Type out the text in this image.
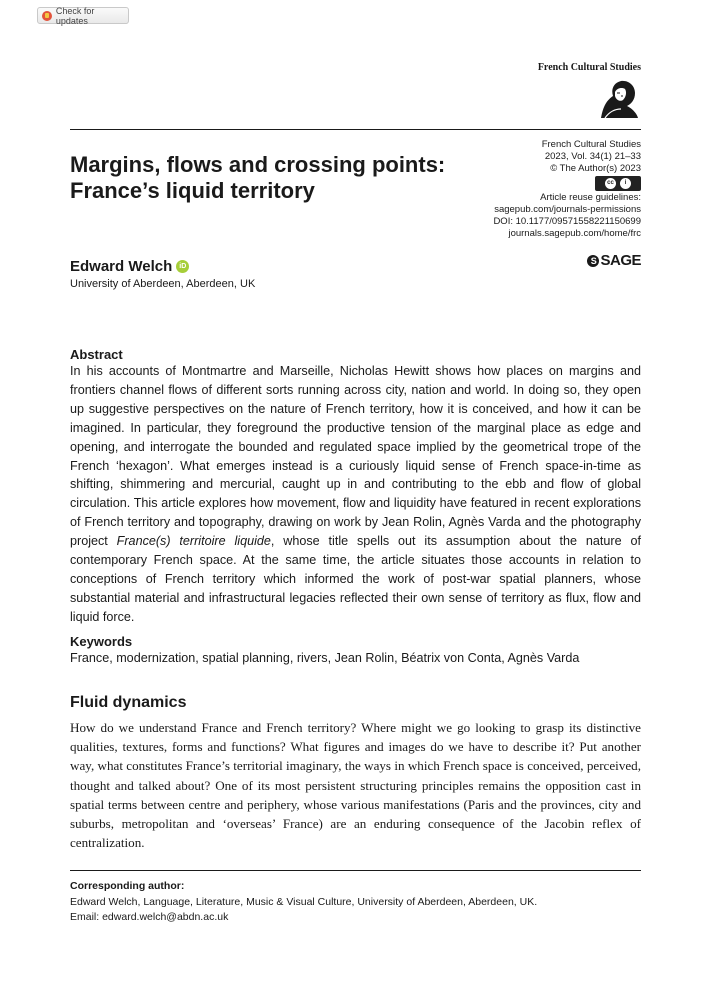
Check for updates
French Cultural Studies
Margins, flows and crossing points:
France’s liquid territory
French Cultural Studies
2023, Vol. 34(1) 21–33
© The Author(s) 2023
cc	i
Article reuse guidelines:
sagepub.com/journals-permissions
DOI: 10.1177/09571558221150699
journals.sagepub.com/home/frc
S SAGE
Edward Welch	iD
University of Aberdeen, Aberdeen, UK
Abstract

In his accounts of Montmartre and Marseille, Nicholas Hewitt shows how places on margins and frontiers channel flows of different sorts running across city, nation and world. In doing so, they open up suggestive perspectives on the nature of French territory, how it is conceived, and how it can be imagined. In particular, they foreground the productive tension of the marginal place as edge and opening, and interrogate the bounded and regulated space implied by the geometrical trope of the French ‘hexagon’. What emerges instead is a curiously liquid sense of French space-in-time as shifting, shimmering and mercurial, caught up in and contributing to the ebb and flow of global circulation. This article explores how movement, flow and liquidity have featured in recent explorations of French territory and topography, drawing on work by Jean Rolin, Agnès Varda and the photography project France(s) territoire liquide, whose title spells out its assumption about the nature of contemporary French space. At the same time, the article situates those accounts in relation to conceptions of French territory which informed the work of post-war spatial planners, whose substantial material and infrastructural legacies reflected their own sense of territory as flux, flow and liquid force.

Keywords
France, modernization, spatial planning, rivers, Jean Rolin, Béatrix von Conta, Agnès Varda
Fluid dynamics

How do we understand France and French territory? Where might we go looking to grasp its distinctive qualities, textures, forms and functions? What figures and images do we have to describe it? Put another way, what constitutes France’s territorial imaginary, the ways in which French space is conceived, perceived, thought and talked about? One of its most persistent structuring principles remains the opposition cast in spatial terms between centre and periphery, whose various manifestations (Paris and the provinces, city and suburbs, metropolitan and ‘overseas’ France) are an enduring consequence of the Jacobin reflex of centralization.

Corresponding author:
Edward Welch, Language, Literature, Music & Visual Culture, University of Aberdeen, Aberdeen, UK.
Email: edward.welch@abdn.ac.uk
